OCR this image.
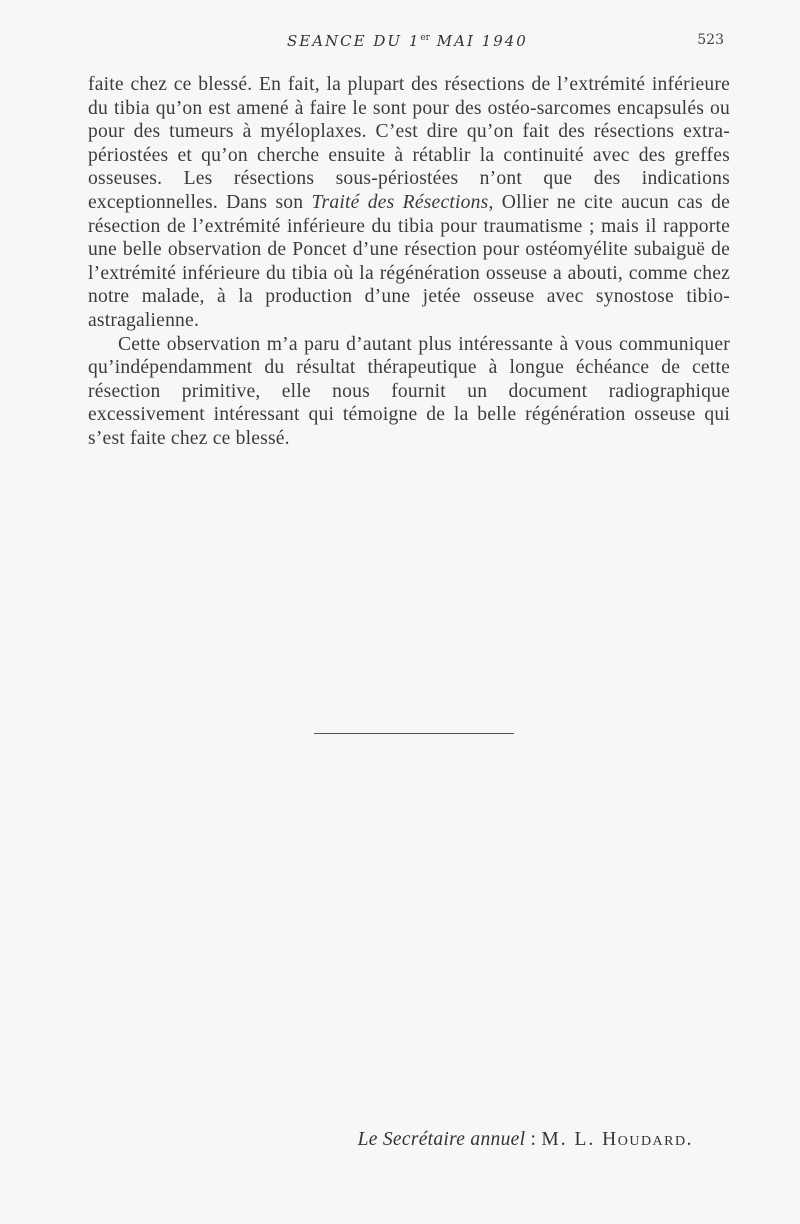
SEANCE DU 1er MAI 1940	523

faite chez ce blessé. En fait, la plupart des résections de l’extrémité inférieure du tibia qu’on est amené à faire le sont pour des ostéo-sarcomes encapsulés ou pour des tumeurs à myéloplaxes. C’est dire qu’on fait des résections extra-périostées et qu’on cherche ensuite à rétablir la continuité avec des greffes osseuses. Les résections sous-périostées n’ont que des indications exceptionnelles. Dans son Traité des Résections, Ollier ne cite aucun cas de résection de l’extrémité inférieure du tibia pour traumatisme ; mais il rapporte une belle observation de Poncet d’une résection pour ostéomyélite subaiguë de l’extrémité inférieure du tibia où la régénération osseuse a abouti, comme chez notre malade, à la production d’une jetée osseuse avec synostose tibio-astragalienne.

Cette observation m’a paru d’autant plus intéressante à vous communiquer qu’indépendamment du résultat thérapeutique à longue échéance de cette résection primitive, elle nous fournit un document radiographique excessivement intéressant qui témoigne de la belle régénération osseuse qui s’est faite chez ce blessé.

Le Secrétaire annuel : M. L. Houdard.
